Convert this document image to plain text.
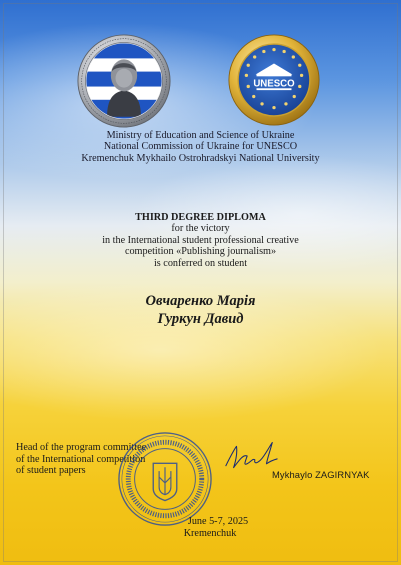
UNESCO
Ministry of Education and Science of Ukraine
National Commission of Ukraine for UNESCO
Kremenchuk Mykhailo Ostrohradskyi National University
THIRD DEGREE DIPLOMA
for the victory
in the International student professional creative
competition «Publishing journalism»
is conferred on student
Овчаренко Марія
Гуркун Давид
Head of the program committee
of the International competition
of student papers	Mykhaylo ZAGIRNYAK
June 5-7, 2025
Kremenchuk
